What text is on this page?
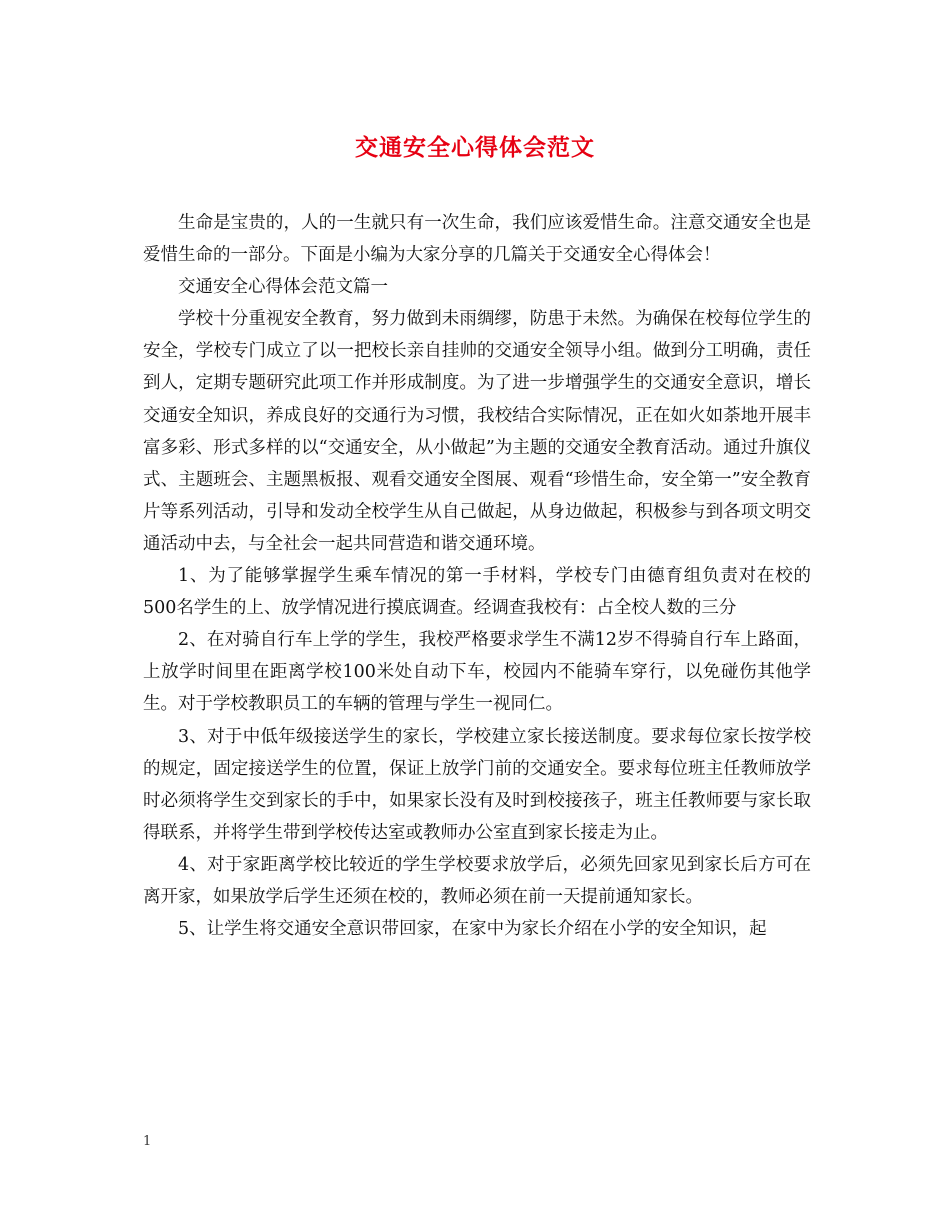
交通安全心得体会范文

生命是宝贵的，人的一生就只有一次生命，我们应该爱惜生命。注意交通安全也是爱惜生命的一部分。下面是小编为大家分享的几篇关于交通安全心得体会！

交通安全心得体会范文篇一

学校十分重视安全教育，努力做到未雨绸缪，防患于未然。为确保在校每位学生的安全，学校专门成立了以一把校长亲自挂帅的交通安全领导小组。做到分工明确，责任到人，定期专题研究此项工作并形成制度。为了进一步增强学生的交通安全意识，增长交通安全知识，养成良好的交通行为习惯，我校结合实际情况，正在如火如荼地开展丰富多彩、形式多样的以“交通安全，从小做起”为主题的交通安全教育活动。通过升旗仪式、主题班会、主题黑板报、观看交通安全图展、观看“珍惜生命，安全第一”安全教育片等系列活动，引导和发动全校学生从自己做起，从身边做起，积极参与到各项文明交通活动中去，与全社会一起共同营造和谐交通环境。

1、为了能够掌握学生乘车情况的第一手材料，学校专门由德育组负责对在校的500名学生的上、放学情况进行摸底调查。经调查我校有：占全校人数的三分

2、在对骑自行车上学的学生，我校严格要求学生不满12岁不得骑自行车上路面，上放学时间里在距离学校100米处自动下车，校园内不能骑车穿行，以免碰伤其他学生。对于学校教职员工的车辆的管理与学生一视同仁。

3、对于中低年级接送学生的家长，学校建立家长接送制度。要求每位家长按学校的规定，固定接送学生的位置，保证上放学门前的交通安全。要求每位班主任教师放学时必须将学生交到家长的手中，如果家长没有及时到校接孩子，班主任教师要与家长取得联系，并将学生带到学校传达室或教师办公室直到家长接走为止。

4、对于家距离学校比较近的学生学校要求放学后，必须先回家见到家长后方可在离开家，如果放学后学生还须在校的，教师必须在前一天提前通知家长。

5、让学生将交通安全意识带回家，在家中为家长介绍在小学的安全知识，起

1
